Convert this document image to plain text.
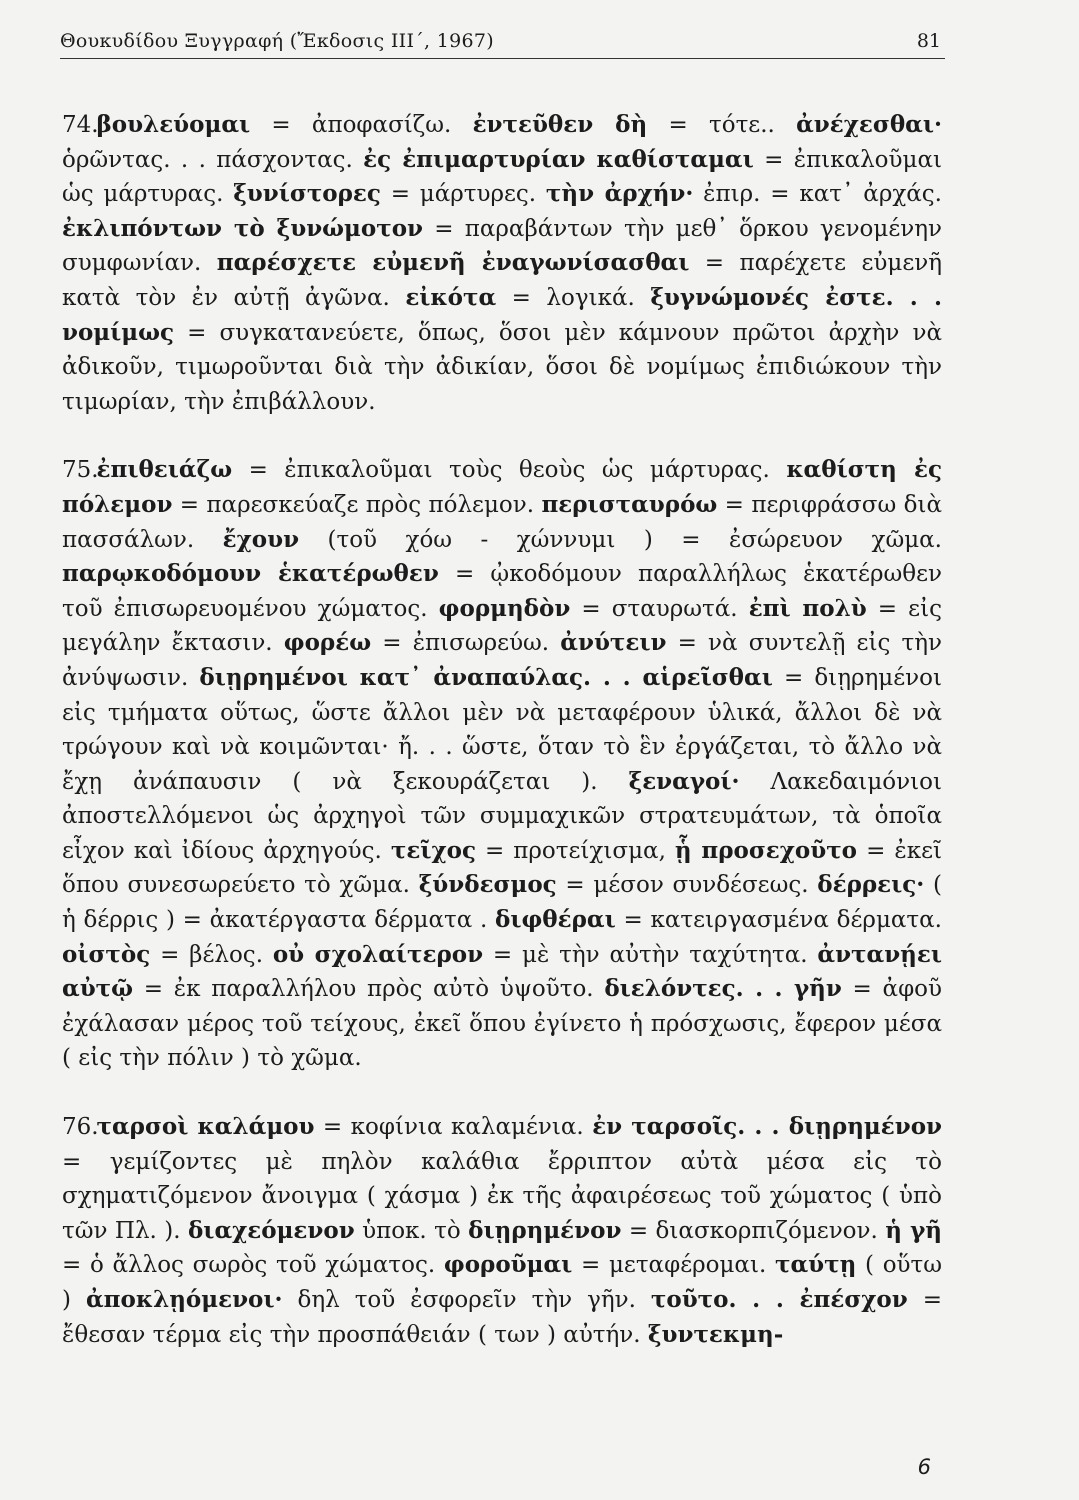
Θουκυδίδου Ξυγγραφή (Ἔκδοσις ΙΙΙ΄, 1967)	81

74.βουλεύομαι = ἀποφασίζω. ἐντεῦθεν δὴ = τότε.. ἀνέχεσθαι· ὁρῶντας. . . πάσχοντας. ἐς ἐπιμαρτυρίαν καθίσταμαι = ἐπικαλοῦμαι ὡς μάρτυρας. ξυνίστορες = μάρτυρες. τὴν ἀρχήν· ἐπιρ. = κατ᾽ ἀρχάς. ἐκλιπόντων τὸ ξυνώμοτον = παραβάντων τὴν μεθ᾽ ὅρκου γενομένην συμφωνίαν. παρέσχετε εὐμενῆ ἐναγωνίσασθαι = παρέχετε εὐμενῆ κατὰ τὸν ἐν αὐτῇ ἀγῶνα. εἰκότα = λογικά. ξυγνώμονές ἐστε. . . νομίμως = συγκατανεύετε, ὅπως, ὅσοι μὲν κάμνουν πρῶτοι ἀρχὴν νὰ ἀδικοῦν, τιμωροῦνται διὰ τὴν ἀδικίαν, ὅσοι δὲ νομίμως ἐπιδιώκουν τὴν τιμωρίαν, τὴν ἐπιβάλλουν.

75.ἐπιθειάζω = ἐπικαλοῦμαι τοὺς θεοὺς ὡς μάρτυρας. καθίστη ἐς πόλεμον = παρεσκεύαζε πρὸς πόλεμον. περισταυρόω = περιφράσσω διὰ πασσάλων. ἔχουν (τοῦ χόω - χώννυμι ) = ἐσώρευον χῶμα. παρῳκοδόμουν ἑκατέρωθεν = ᾠκοδόμουν παραλλήλως ἑκατέρωθεν τοῦ ἐπισωρευομένου χώματος. φορμηδὸν = σταυρωτά. ἐπὶ πολὺ = εἰς μεγάλην ἔκτασιν. φορέω = ἐπισωρεύω. ἀνύτειν = νὰ συντελῇ εἰς τὴν ἀνύψωσιν. διῃρημένοι κατ᾽ ἀναπαύλας. . . αἱρεῖσθαι = διῃρημένοι εἰς τμήματα οὕτως, ὥστε ἄλλοι μὲν νὰ μεταφέρουν ὑλικά, ἄλλοι δὲ νὰ τρώγουν καὶ νὰ κοιμῶνται· ἤ. . . ὥστε, ὅταν τὸ ἓν ἐργάζεται, τὸ ἄλλο νὰ ἔχῃ ἀνάπαυσιν ( νὰ ξεκουράζεται ). ξεναγοί· Λακεδαιμόνιοι ἀποστελλόμενοι ὡς ἀρχηγοὶ τῶν συμμαχικῶν στρατευμάτων, τὰ ὁποῖα εἶχον καὶ ἰδίους ἀρχηγούς. τεῖχος = προτείχισμα, ᾗ προσεχοῦτο = ἐκεῖ ὅπου συνεσωρεύετο τὸ χῶμα. ξύνδεσμος = μέσον συνδέσεως. δέρρεις· ( ἡ δέρρις ) = ἀκατέργαστα δέρματα . διφθέραι = κατειργασμένα δέρματα. οἰστὸς = βέλος. οὐ σχολαίτερον = μὲ τὴν αὐτὴν ταχύτητα. ἀντανῄει αὐτῷ = ἐκ παραλλήλου πρὸς αὐτὸ ὑψοῦτο. διελόντες. . . γῆν = ἀφοῦ ἐχάλασαν μέρος τοῦ τείχους, ἐκεῖ ὅπου ἐγίνετο ἡ πρόσχωσις, ἔφερον μέσα ( εἰς τὴν πόλιν ) τὸ χῶμα.

76.ταρσοὶ καλάμου = κοφίνια καλαμένια. ἐν ταρσοῖς. . . διῃρημένον = γεμίζοντες μὲ πηλὸν καλάθια ἔρριπτον αὐτὰ μέσα εἰς τὸ σχηματιζόμενον ἄνοιγμα ( χάσμα ) ἐκ τῆς ἀφαιρέσεως τοῦ χώματος ( ὑπὸ τῶν Πλ. ). διαχεόμενον ὑποκ. τὸ διῃρημένον = διασκορπιζόμενον. ἡ γῆ = ὁ ἄλλος σωρὸς τοῦ χώματος. φοροῦμαι = μεταφέρομαι. ταύτῃ ( οὕτω ) ἀποκλῃόμενοι· δηλ τοῦ ἐσφορεῖν τὴν γῆν. τοῦτο. . . ἐπέσχον = ἔθεσαν τέρμα εἰς τὴν προσπάθειάν ( των ) αὐτήν. ξυντεκμη-

6
